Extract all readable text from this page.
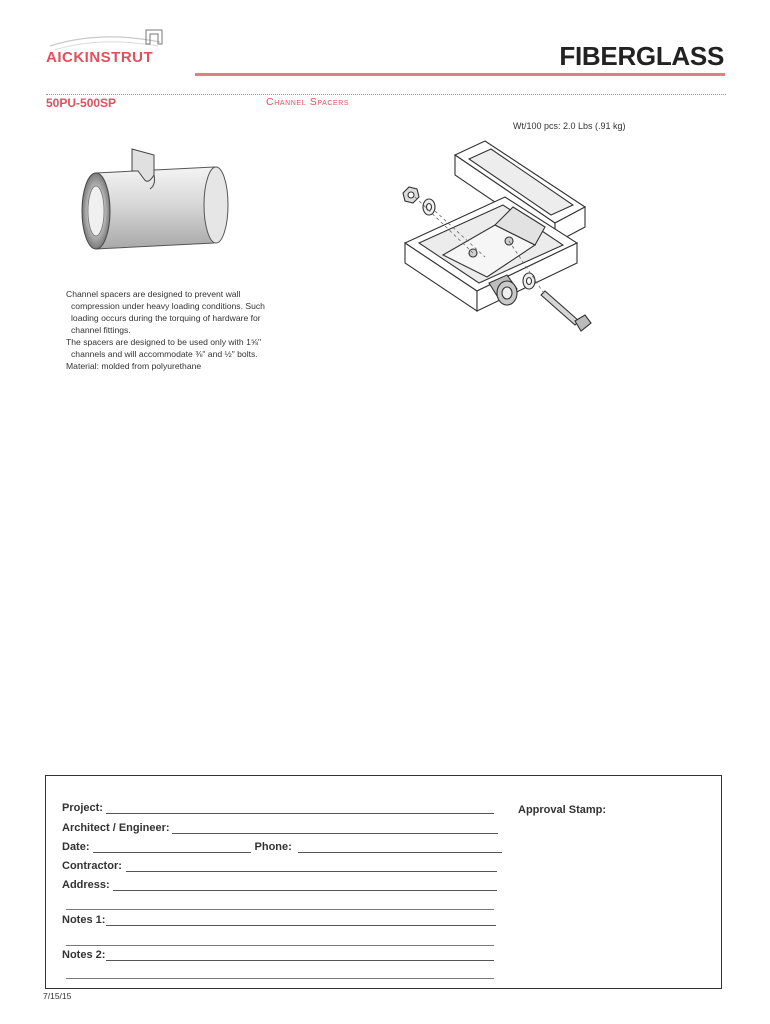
AICKINSTRUT	FIBERGLASS
50PU-500SP	Channel Spacers
Wt/100 pcs: 2.0 Lbs (.91 kg)

Channel spacers are designed to prevent wall

compression under heavy loading conditions. Such

loading occurs during the torquing of hardware for

channel fittings.

The spacers are designed to be used only with 1⅝"

channels and will accommodate ⅜" and ½" bolts.

Material: molded from polyurethane

Project:
Architect / Engineer:
Date:	Phone:
Contractor:
Address:
Notes 1:
Notes 2:
Approval Stamp:
7/15/15
